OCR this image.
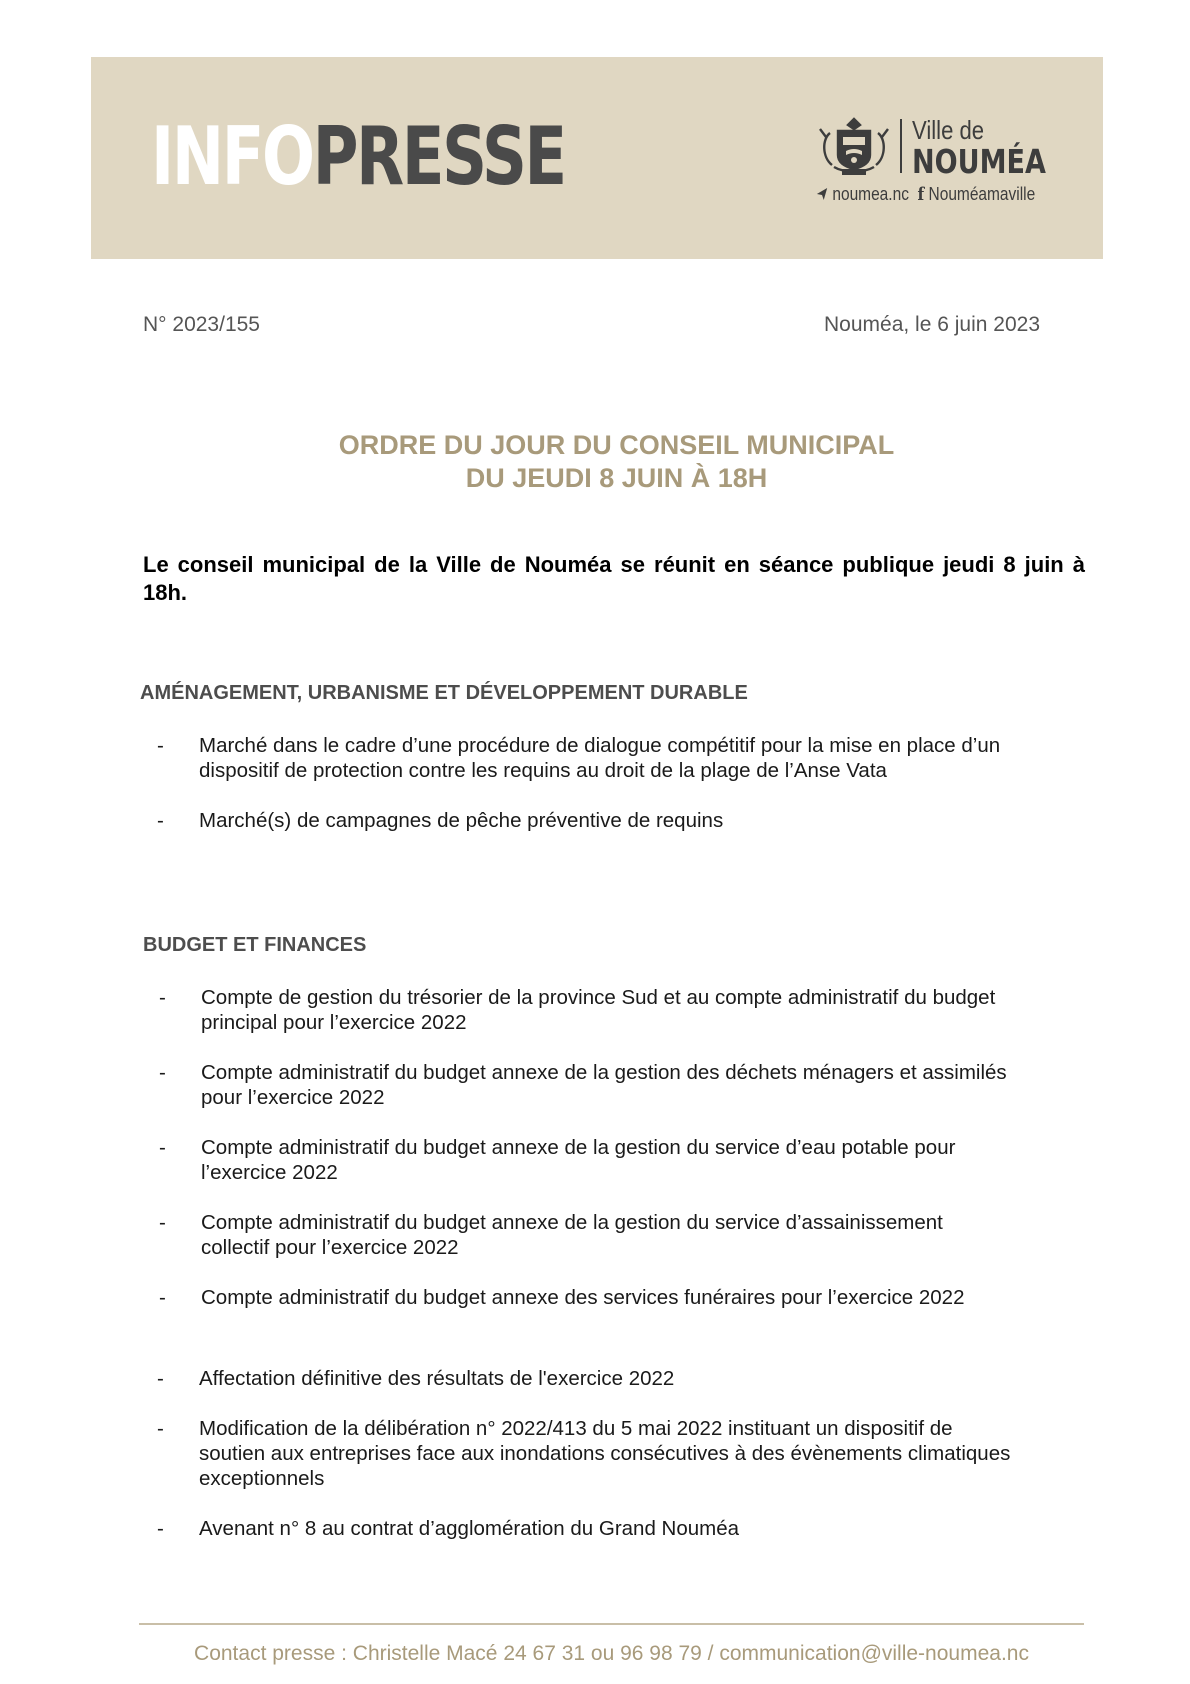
INFOPRESSE	Ville de
NOUMÉA
noumea.nc f Nouméamaville
N° 2023/155	Nouméa, le 6 juin 2023
ORDRE DU JOUR DU CONSEIL MUNICIPAL
DU JEUDI 8 JUIN À 18H
Le conseil municipal de la Ville de Nouméa se réunit en séance publique jeudi 8 juin à 18h.
AMÉNAGEMENT, URBANISME ET DÉVELOPPEMENT DURABLE
- Marché dans le cadre d’une procédure de dialogue compétitif pour la mise en place d’un dispositif de protection contre les requins au droit de la plage de l’Anse Vata
- Marché(s) de campagnes de pêche préventive de requins
BUDGET ET FINANCES
- Compte de gestion du trésorier de la province Sud et au compte administratif du budget principal pour l’exercice 2022
- Compte administratif du budget annexe de la gestion des déchets ménagers et assimilés pour l’exercice 2022
- Compte administratif du budget annexe de la gestion du service d’eau potable pour l’exercice 2022
- Compte administratif du budget annexe de la gestion du service d’assainissement collectif pour l’exercice 2022
- Compte administratif du budget annexe des services funéraires pour l’exercice 2022
- Affectation définitive des résultats de l'exercice 2022
- Modification de la délibération n° 2022/413 du 5 mai 2022 instituant un dispositif de soutien aux entreprises face aux inondations consécutives à des évènements climatiques exceptionnels
- Avenant n° 8 au contrat d’agglomération du Grand Nouméa
Contact presse : Christelle Macé 24 67 31 ou 96 98 79 / communication@ville-noumea.nc
